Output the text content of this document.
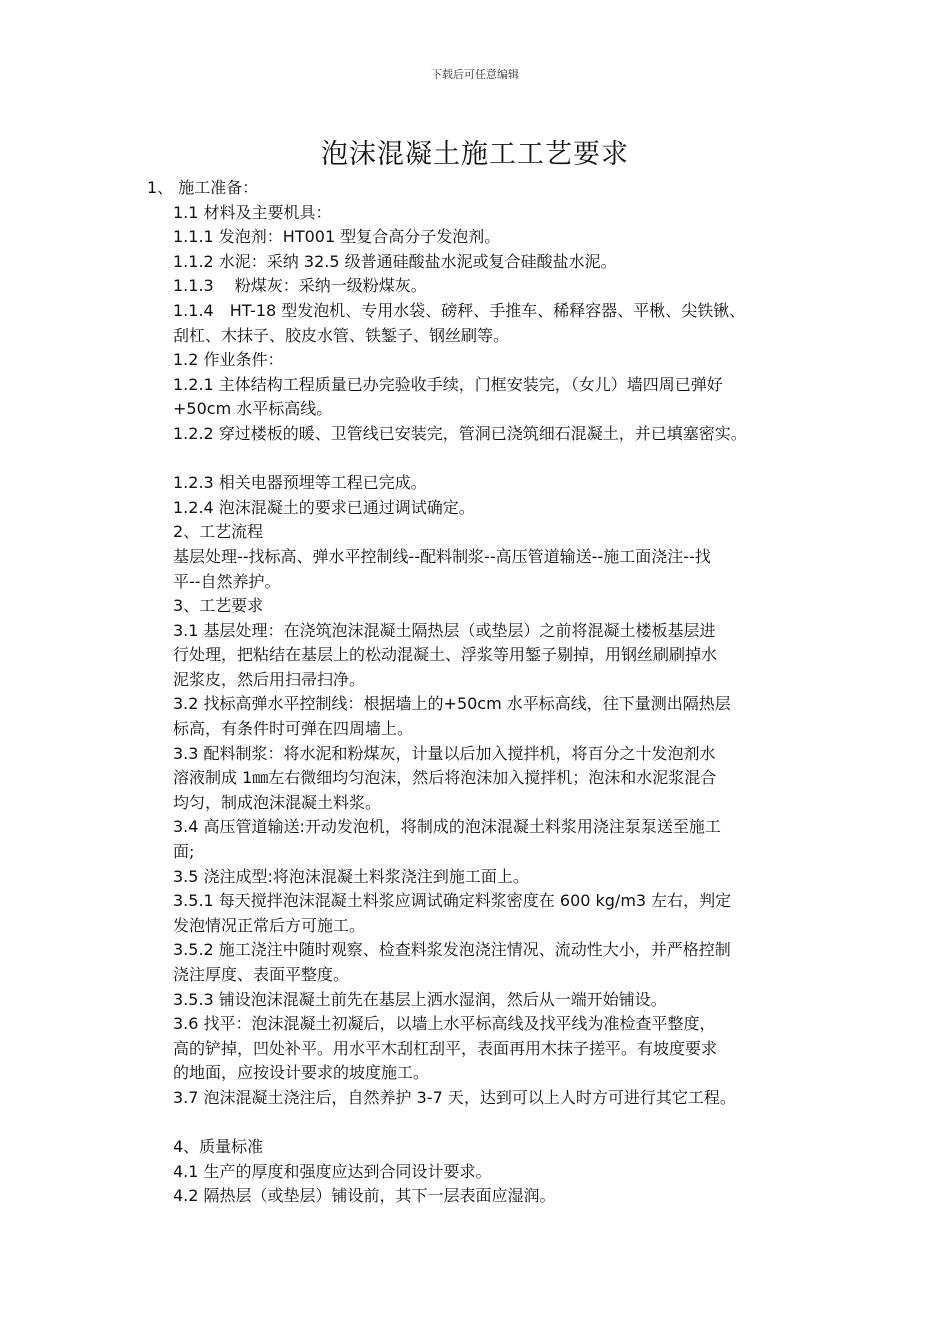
下载后可任意编辑
泡沫混凝土施工工艺要求

1、 施工准备：

1.1 材料及主要机具：

1.1.1 发泡剂：HT001 型复合高分子发泡剂。

1.1.2 水泥：采纳 32.5 级普通硅酸盐水泥或复合硅酸盐水泥。

1.1.3　 粉煤灰：采纳一级粉煤灰。

1.1.4　HT-18 型发泡机、专用水袋、磅秤、手推车、稀释容器、平楸、尖铁锹、

刮杠、木抹子、胶皮水管、铁錾子、钢丝刷等。

1.2 作业条件：

1.2.1 主体结构工程质量已办完验收手续，门框安装完，（女儿）墙四周已弹好

+50cm 水平标高线。

1.2.2 穿过楼板的暖、卫管线已安装完，管洞已浇筑细石混凝土，并已填塞密实。

1.2.3 相关电器预埋等工程已完成。

1.2.4 泡沫混凝土的要求已通过调试确定。

2、工艺流程

基层处理--找标高、弹水平控制线--配料制浆--高压管道输送--施工面浇注--找

平--自然养护。

3、工艺要求

3.1 基层处理：在浇筑泡沫混凝土隔热层（或垫层）之前将混凝土楼板基层进

行处理，把粘结在基层上的松动混凝土、浮浆等用錾子剔掉，用钢丝刷刷掉水

泥浆皮，然后用扫帚扫净。

3.2 找标高弹水平控制线：根据墙上的+50cm 水平标高线，往下量测出隔热层

标高，有条件时可弹在四周墙上。

3.3 配料制浆：将水泥和粉煤灰，计量以后加入搅拌机，将百分之十发泡剂水

溶液制成 1㎜左右微细均匀泡沫，然后将泡沫加入搅拌机；泡沫和水泥浆混合

均匀，制成泡沫混凝土料浆。

3.4 高压管道输送:开动发泡机，将制成的泡沫混凝土料浆用浇注泵泵送至施工

面;

3.5 浇注成型:将泡沫混凝土料浆浇注到施工面上。

3.5.1 每天搅拌泡沫混凝土料浆应调试确定料浆密度在 600 kg/m3 左右，判定

发泡情况正常后方可施工。

3.5.2 施工浇注中随时观察、检查料浆发泡浇注情况、流动性大小，并严格控制

浇注厚度、表面平整度。

3.5.3 铺设泡沫混凝土前先在基层上洒水湿润，然后从一端开始铺设。

3.6 找平：泡沫混凝土初凝后，以墙上水平标高线及找平线为准检查平整度，

高的铲掉，凹处补平。用水平木刮杠刮平，表面再用木抹子搓平。有坡度要求

的地面，应按设计要求的坡度施工。

3.7 泡沫混凝土浇注后，自然养护 3-7 天，达到可以上人时方可进行其它工程。

4、质量标准

4.1 生产的厚度和强度应达到合同设计要求。

4.2 隔热层（或垫层）铺设前，其下一层表面应湿润。
